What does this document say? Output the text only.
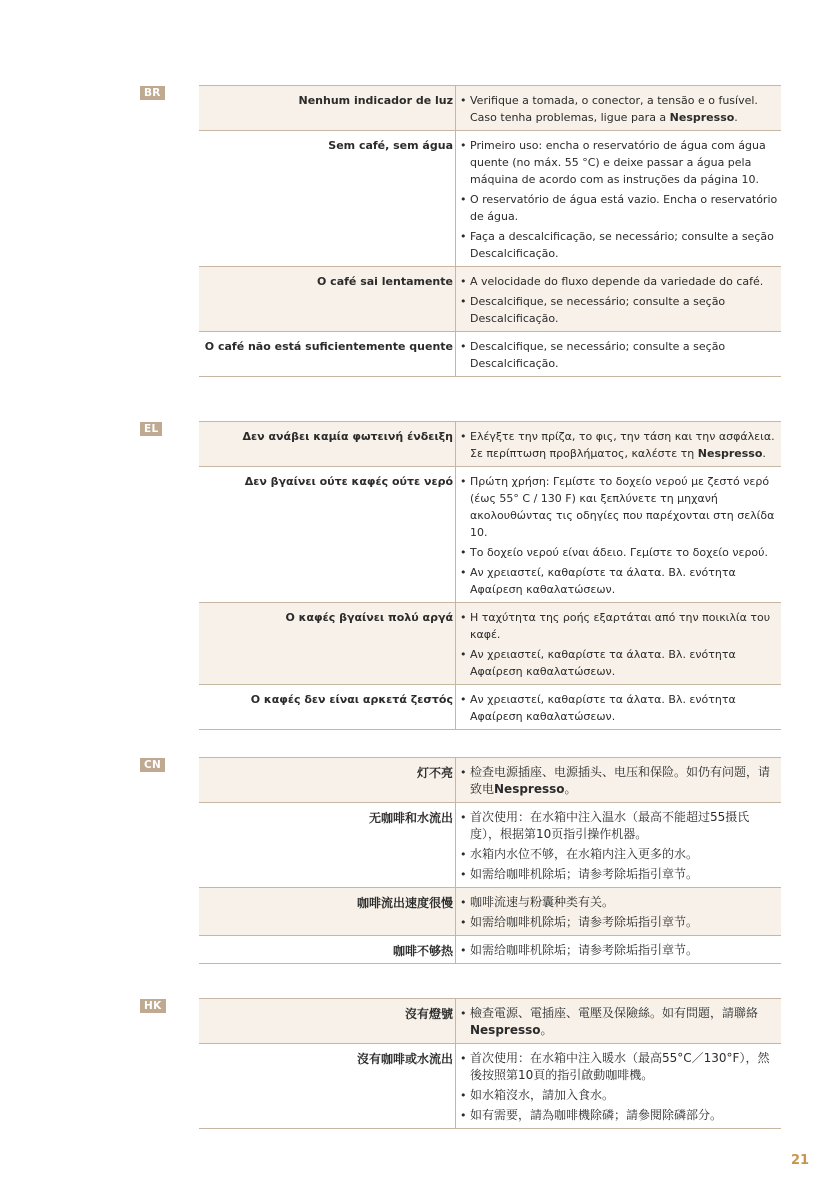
BR
Nenhum indicador de luz • Verifique a tomada, o conector, a tensão e o fusível. Caso tenha problemas, ligue para a Nespresso.
Sem café, sem água • Primeiro uso: encha o reservatório de água com água quente (no máx. 55 °C) e deixe passar a água pela máquina de acordo com as instruções da página 10.
• O reservatório de água está vazio. Encha o reservatório de água.
• Faça a descalcificação, se necessário; consulte a seção Descalcificação.
O café sai lentamente • A velocidade do fluxo depende da variedade do café.
• Descalcifique, se necessário; consulte a seção Descalcificação.
O café não está suficientemente quente • Descalcifique, se necessário; consulte a seção Descalcificação.
EL
Δεν ανάβει καμία φωτεινή ένδειξη • Ελέγξτε την πρίζα, το φις, την τάση και την ασφάλεια. Σε περίπτωση προβλήματος, καλέστε τη Nespresso.
Δεν βγαίνει ούτε καφές ούτε νερό • Πρώτη χρήση: Γεμίστε το δοχείο νερού με ζεστό νερό (έως 55° C / 130 F) και ξεπλύνετε τη μηχανή ακολουθώντας τις οδηγίες που παρέχονται στη σελίδα 10.
• Το δοχείο νερού είναι άδειο. Γεμίστε το δοχείο νερού.
• Αν χρειαστεί, καθαρίστε τα άλατα. Βλ. ενότητα Αφαίρεση καθαλατώσεων.
Ο καφές βγαίνει πολύ αργά • Η ταχύτητα της ροής εξαρτάται από την ποικιλία του καφέ.
• Αν χρειαστεί, καθαρίστε τα άλατα. Βλ. ενότητα Αφαίρεση καθαλατώσεων.
Ο καφές δεν είναι αρκετά ζεστός • Αν χρειαστεί, καθαρίστε τα άλατα. Βλ. ενότητα Αφαίρεση καθαλατώσεων.
CN
灯不亮 • 检查电源插座、电源插头、电压和保险。如仍有问题，请致电Nespresso。
无咖啡和水流出 • 首次使用：在水箱中注入温水（最高不能超过55摄氏度），根据第10页指引操作机器。
• 水箱内水位不够，在水箱内注入更多的水。
• 如需给咖啡机除垢；请参考除垢指引章节。
咖啡流出速度很慢 • 咖啡流速与粉囊种类有关。
• 如需给咖啡机除垢；请参考除垢指引章节。
咖啡不够热 • 如需给咖啡机除垢；请参考除垢指引章节。
HK
沒有燈號 • 檢查電源、電插座、電壓及保險絲。如有問題，請聯絡 Nespresso。
沒有咖啡或水流出 • 首次使用：在水箱中注入暖水（最高55°C／130°F），然後按照第10頁的指引啟動咖啡機。
• 如水箱沒水，請加入食水。
• 如有需要，請為咖啡機除磷；請參閱除磷部分。
21
